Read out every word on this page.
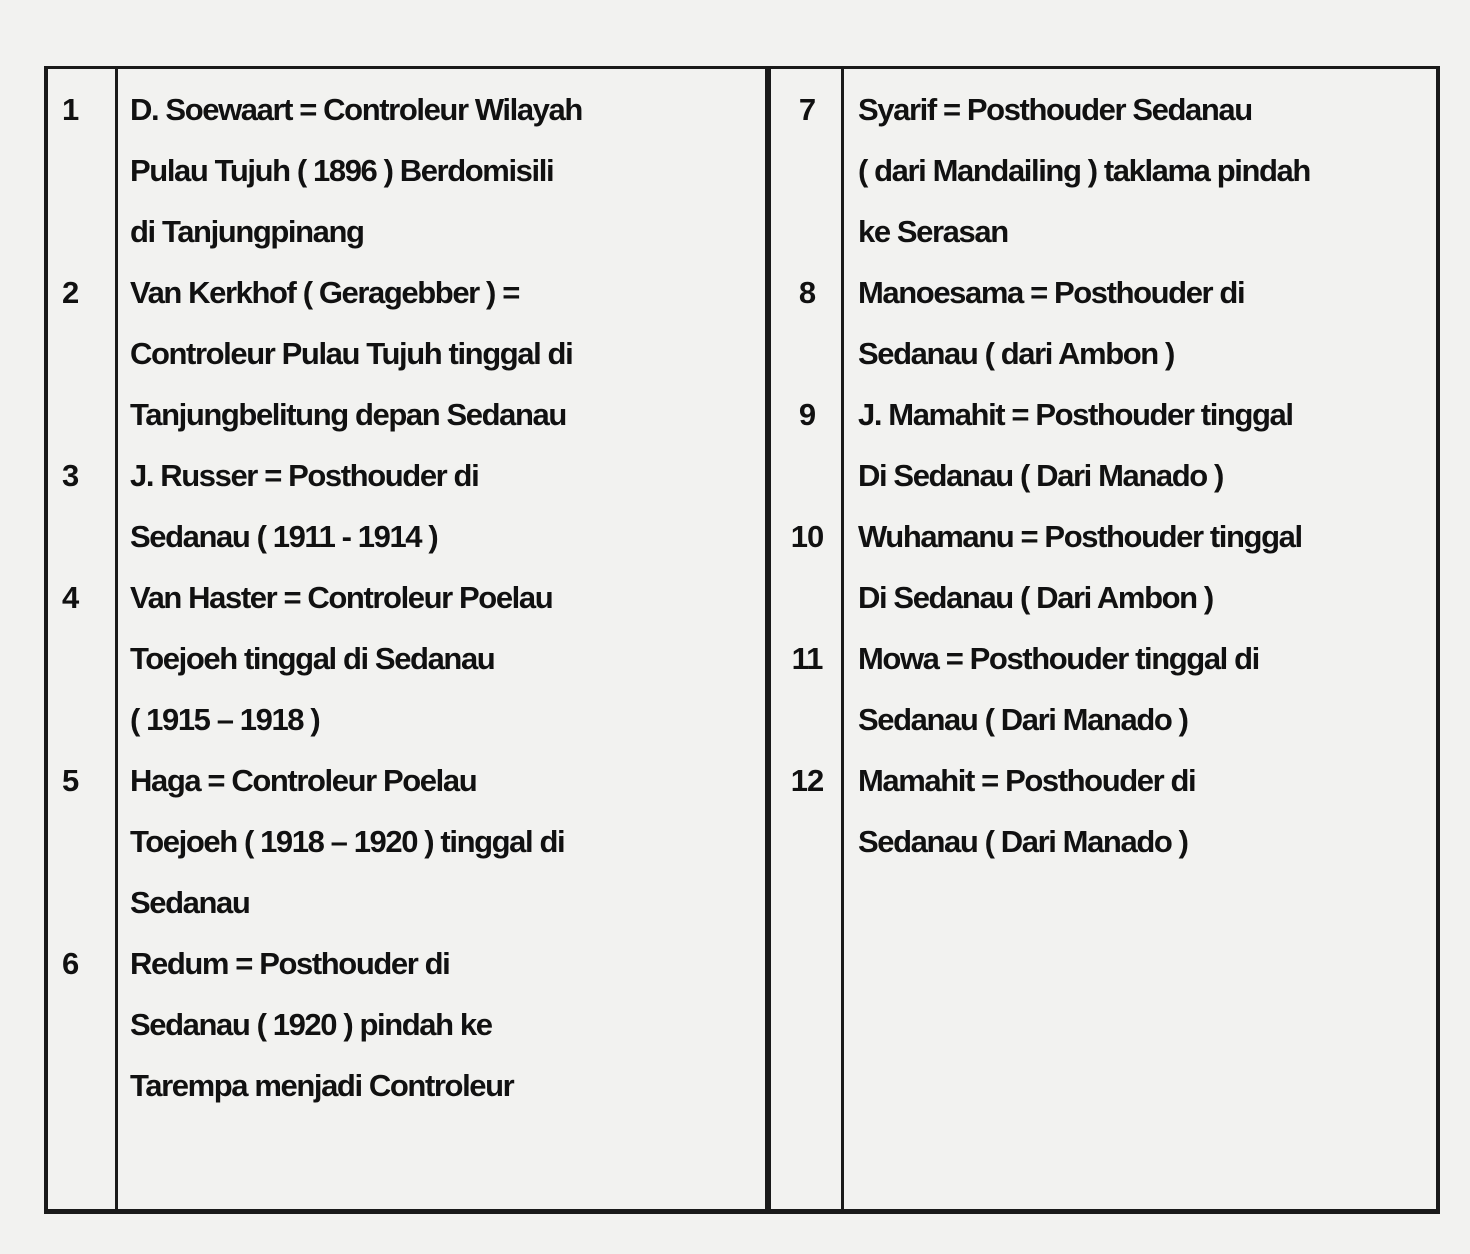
1	D. Soewaart = Controleur Wilayah
Pulau Tujuh ( 1896 ) Berdomisili
di Tanjungpinang
2	Van Kerkhof ( Geragebber ) =
Controleur Pulau Tujuh tinggal di
Tanjungbelitung depan Sedanau
3	J. Russer = Posthouder di
Sedanau ( 1911 - 1914 )
4	Van Haster = Controleur Poelau
Toejoeh tinggal di Sedanau
( 1915 – 1918 )
5	Haga = Controleur Poelau
Toejoeh ( 1918 – 1920 ) tinggal di
Sedanau
6	Redum = Posthouder di
Sedanau ( 1920 ) pindah ke
Tarempa menjadi Controleur
7	Syarif = Posthouder Sedanau
( dari Mandailing ) taklama pindah
ke Serasan
8	Manoesama = Posthouder di
Sedanau ( dari Ambon )
9	J. Mamahit = Posthouder tinggal
Di Sedanau ( Dari Manado )
10	Wuhamanu = Posthouder tinggal
Di Sedanau ( Dari Ambon )
11	Mowa = Posthouder tinggal di
Sedanau ( Dari Manado )
12	Mamahit = Posthouder di
Sedanau ( Dari Manado )
